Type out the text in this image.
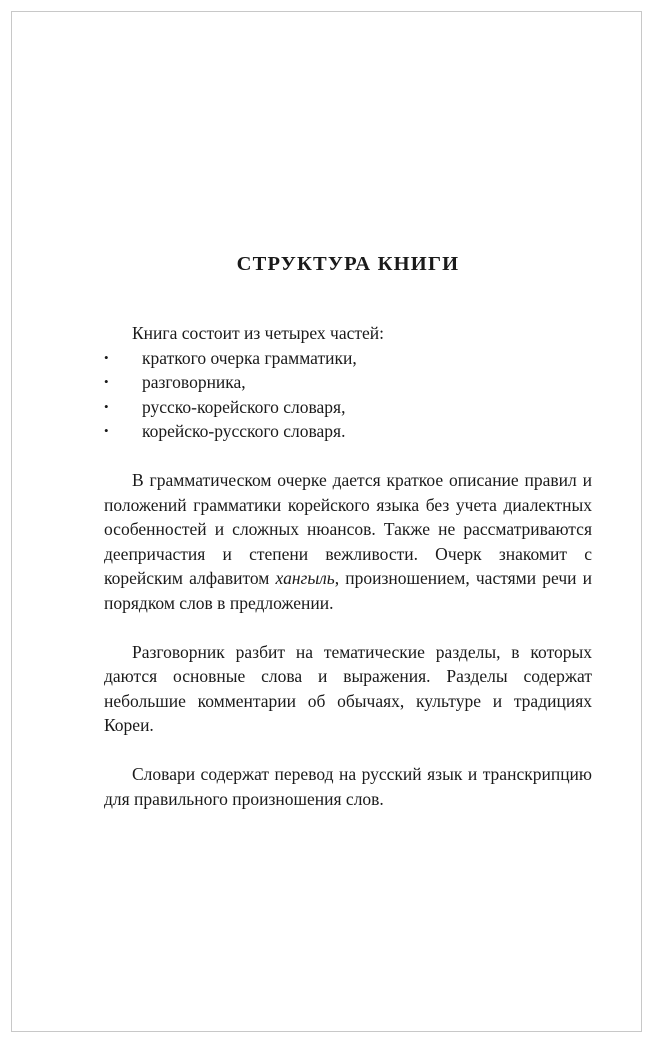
СТРУКТУРА КНИГИ

Книга состоит из четырех частей:

• краткого очерка грамматики,
• разговорника,
• русско-корейского словаря,
• корейско-русского словаря.

В грамматическом очерке дается краткое описание правил и положений грамматики корейского языка без учета диалектных особенностей и сложных нюансов. Также не рассматриваются деепричастия и степени вежливости. Очерк знакомит с корейским алфавитом хангыль, произношением, частями речи и порядком слов в предложении.

Разговорник разбит на тематические разделы, в которых даются основные слова и выражения. Разделы содержат небольшие комментарии об обычаях, культуре и традициях Кореи.

Словари содержат перевод на русский язык и транскрипцию для правильного произношения слов.
